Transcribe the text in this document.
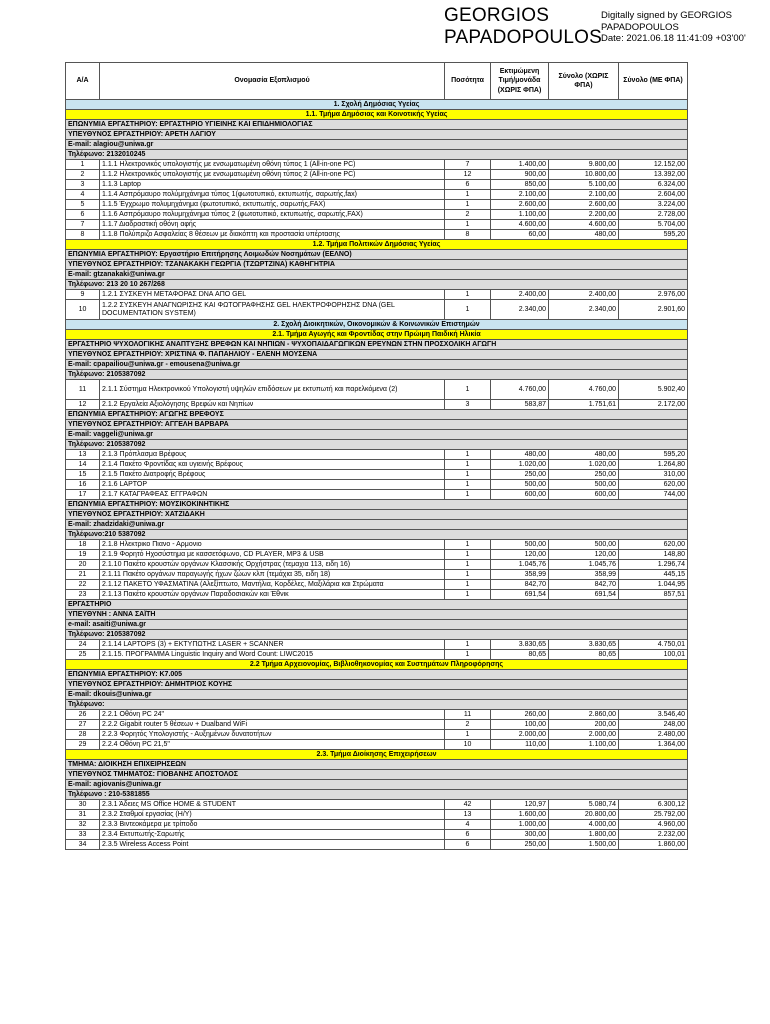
GEORGIOS
PAPADOPOULOS
Digitally signed by GEORGIOS
PAPADOPOULOS
Date: 2021.06.18 11:41:09 +03'00'
Α/Α	Ονομασία Εξοπλισμού	Ποσότητα	Εκτιμώμενη Τιμή/μονάδα (ΧΩΡΙΣ ΦΠΑ)	Σύνολο (ΧΩΡΙΣ ΦΠΑ)	Σύνολο (ΜΕ ΦΠΑ)
1. Σχολή Δημόσιας Υγείας					
1.1. Τμήμα Δημόσιας και Κοινοτικής Υγείας					
ΕΠΩΝΥΜΙΑ ΕΡΓΑΣΤΗΡΙΟΥ: ΕΡΓΑΣΤΗΡΙΟ ΥΓΙΕΙΝΗΣ ΚΑΙ ΕΠΙΔΗΜΙΟΛΟΓΙΑΣ					
ΥΠΕΥΘΥΝΟΣ ΕΡΓΑΣΤΗΡΙΟΥ: ΑΡΕΤΗ ΛΑΓΙΟΥ					
E-mail: alagiou@uniwa.gr					
Τηλέφωνο: 2132010245					
1	1.1.1 Ηλεκτρονικός υπολογιστής με ενσωματωμένη οθόνη τύπος 1 (All-in-one PC)	7	1.400,00	9.800,00	12.152,00
2	1.1.2 Ηλεκτρονικός υπολογιστής με ενσωματωμένη οθόνη τύπος 2 (All-in-one PC)	12	900,00	10.800,00	13.392,00
3	1.1.3 Laptop	6	850,00	5.100,00	6.324,00
4	1.1.4 Ασπρόμαυρο πολύμηχάνημα τύπος 1(φωτοτυπικό, εκτυπωτής, σαρωτής,fax)	1	2.100,00	2.100,00	2.604,00
5	1.1.5 Έγχρωμο πολυμηχάνημα (φωτοτυπικό, εκτυπωτής, σαρωτής,FAX)	1	2.600,00	2.600,00	3.224,00
6	1.1.6 Ασπρόμαυρο πολυμηχάνημα τύπος 2 (φωτοτυπικό, εκτυπωτής, σαρωτής,FAX)	2	1.100,00	2.200,00	2.728,00
7	1.1.7 Διαδραστική οθόνη αφής	1	4.600,00	4.600,00	5.704,00
8	1.1.8 Πολύπριζο Ασφαλείας 8 θέσεων με διακόπτη και προστασία υπέρτασης	8	60,00	480,00	595,20
1.2. Τμήμα Πολιτικών Δημόσιας Υγείας					
ΕΠΩΝΥΜΙΑ ΕΡΓΑΣΤΗΡΙΟΥ: Εργαστήριο Επιτήρησης Λοιμωδών Νοσημάτων (ΕΕΛΝΟ)					
ΥΠΕΥΘΥΝΟΣ ΕΡΓΑΣΤΗΡΙΟΥ: ΤΖΑΝΑΚΑΚΗ ΓΕΩΡΓΙΑ (ΤΖΩΡΤΖΙΝΑ) ΚΑΘΗΓΗΤΡΙΑ					
E-mail: gtzanakaki@uniwa.gr					
Τηλέφωνο: 213 20 10 267/268					
9	1.2.1 ΣΥΣΚΕΥΗ ΜΕΤΑΦΟΡΑΣ DNA ΑΠΟ GEL	1	2.400,00	2.400,00	2.976,00
10	1.2.2 ΣΥΣΚΕΥΗ ΑΝΑΓΝΩΡΙΣΗΣ ΚΑΙ ΦΩΤΟΓΡΑΦΗΣΗΣ GEL ΗΛΕΚΤΡΟΦΟΡΗΣΗΣ DNA (GEL DOCUMENTATION SYSTEM)	1	2.340,00	2.340,00	2.901,60
2. Σχολή Διοικητικών, Οικονομικών & Κοινωνικών Επιστημών					
2.1. Τμήμα Αγωγής και Φροντίδας στην Πρώιμη Παιδική Ηλικία					
ΕΡΓΑΣΤΗΡΙΟ ΨΥΧΟΛΟΓΙΚΗΣ ΑΝΑΠΤΥΞΗΣ ΒΡΕΦΩΝ ΚΑΙ ΝΗΠΙΩΝ - ΨΥΧΟΠΑΙΔΑΓΩΓΙΚΩΝ ΕΡΕΥΝΩΝ ΣΤΗΝ ΠΡΟΣΧΟΛΙΚΗ ΑΓΩΓΗ					
ΥΠΕΥΘΥΝΟΣ ΕΡΓΑΣΤΗΡΙΟΥ: ΧΡΙΣΤΙΝΑ Φ. ΠΑΠΑΗΛΙΟΥ - ΕΛΕΝΗ ΜΟΥΣΕΝΑ					
E-mail: cpapailiou@uniwa.gr - emousena@uniwa.gr					
Τηλέφωνο: 2105387092					
11	2.1.1 Σύστημα Ηλεκτρονικού Υπολογιστή υψηλών επιδόσεων με εκτυπωτή και παρελκόμενα (2)	1	4.760,00	4.760,00	5.902,40
12	2.1.2 Εργαλεία Αξιολόγησης Βρεφών και Νηπίων	3	583,87	1.751,61	2.172,00
ΕΠΩΝΥΜΙΑ ΕΡΓΑΣΤΗΡΙΟΥ: ΑΓΩΓΗΣ ΒΡΕΦΟΥΣ					
ΥΠΕΥΘΥΝΟΣ ΕΡΓΑΣΤΗΡΙΟΥ: ΑΓΓΕΛΗ ΒΑΡΒΑΡΑ					
E-mail: vaggeli@uniwa.gr					
Τηλέφωνο: 2105387092					
13	2.1.3 Πρόπλασμα Βρέφους	1	480,00	480,00	595,20
14	2.1.4 Πακέτο Φροντίδας και υγιεινής Βρέφους	1	1.020,00	1.020,00	1.264,80
15	2.1.5 Πακέτο Διατροφής Βρέφους	1	250,00	250,00	310,00
16	2.1.6 LAPTOP	1	500,00	500,00	620,00
17	2.1.7 ΚΑΤΑΓΡΑΦΕΑΣ ΕΓΓΡΑΦΩΝ	1	600,00	600,00	744,00
ΕΠΩΝΥΜΙΑ ΕΡΓΑΣΤΗΡΙΟΥ: ΜΟΥΣΙΚΟΚΙΝΗΤΙΚΗΣ					
ΥΠΕΥΘΥΝΟΣ ΕΡΓΑΣΤΗΡΙΟΥ: ΧΑΤΖΙΔΑΚΗ					
E-mail: zhadzidaki@uniwa.gr					
Τηλέφωνο:210 5387092					
18	2.1.8 Ηλεκτρικο Πιανο - Αρμονιο	1	500,00	500,00	620,00
19	2.1.9 Φορητό Ηχοσύστημα με κασσετόφωνο, CD PLAYER, MP3 & USB	1	120,00	120,00	148,80
20	2.1.10 Πακέτο κρουστών οργάνων Κλασσικής Ορχήστρας (τεμαχια 113, ειδη 16)	1	1.045,76	1.045,76	1.296,74
21	2.1.11 Πακέτο οργάνων παραγωγής ήχων ζώων κλπ (τεμάχια 35, ειδη 18)	1	358,99	358,99	445,15
22	2.1.12 ΠΑΚΕΤΟ ΥΦΑΣΜΑΤΙΝΑ (Αλεξίπτωτο, Μαντήλια, Κορδέλες, Μαξιλάρια και Στρώματα	1	842,70	842,70	1.044,95
23	2.1.13 Πακέτο κρουστών οργάνων Παραδοσιακών και Έθνικ	1	691,54	691,54	857,51
ΕΡΓΑΣΤΗΡΙΟ					
ΥΠΕΥΘΥΝΗ : ΑΝΝΑ ΣΑΪΤΗ					
e-mail: asaiti@uniwa.gr					
Τηλέφωνο: 2105387092					
24	2.1.14 LAPTOPS (3) + ΕΚΤΥΠΩΤΗΣ LASER + SCANNER	1	3.830,65	3.830,65	4.750,01
25	2.1.15. ΠΡΟΓΡΑΜΜΑ Linguistic Inquiry and Word Count: LIWC2015	1	80,65	80,65	100,01
2.2 Τμήμα Αρχειονομίας, Βιβλιοθηκονομίας και Συστημάτων Πληροφόρησης					
ΕΠΩΝΥΜΙΑ ΕΡΓΑΣΤΗΡΙΟΥ: Κ7.005					
ΥΠΕΥΘΥΝΟΣ ΕΡΓΑΣΤΗΡΙΟΥ: ΔΗΜΗΤΡΙΟΣ ΚΟΥΗΣ					
E-mail: dkouis@uniwa.gr					
Τηλέφωνο:					
26	2.2.1 Οθόνη PC 24"	11	260,00	2.860,00	3.546,40
27	2.2.2 Gigabit router 5 θέσεων + Dualband WiFi	2	100,00	200,00	248,00
28	2.2.3 Φορητός Υπολογιστής - Αυξημένων δυνατοτήτων	1	2.000,00	2.000,00	2.480,00
29	2.2.4 Οθόνη PC 21,5"	10	110,00	1.100,00	1.364,00
2.3. Τμήμα Διοίκησης Επιχειρήσεων					
ΤΜΗΜΑ: ΔΙΟΙΚΗΣΗ ΕΠΙΧΕΙΡΗΣΕΩΝ					
ΥΠΕΥΘΥΝΟΣ ΤΜΗΜΑΤΟΣ: ΓΙΟΒΑΝΗΣ ΑΠΟΣΤΟΛΟΣ					
E-mail: agiovanis@uniwa.gr					
Τηλέφωνο : 210-5381855					
30	2.3.1 Άδειες MS Office HOME & STUDENT	42	120,97	5.080,74	6.300,12
31	2.3.2 Σταθμοί εργασίας (Η/Υ)	13	1.600,00	20.800,00	25.792,00
32	2.3.3 Βιντεοκάμερα με τρίποδο	4	1.000,00	4.000,00	4.960,00
33	2.3.4 Εκτυπωτής-Σαρωτής	6	300,00	1.800,00	2.232,00
34	2.3.5 Wireless Access Point	6	250,00	1.500,00	1.860,00
